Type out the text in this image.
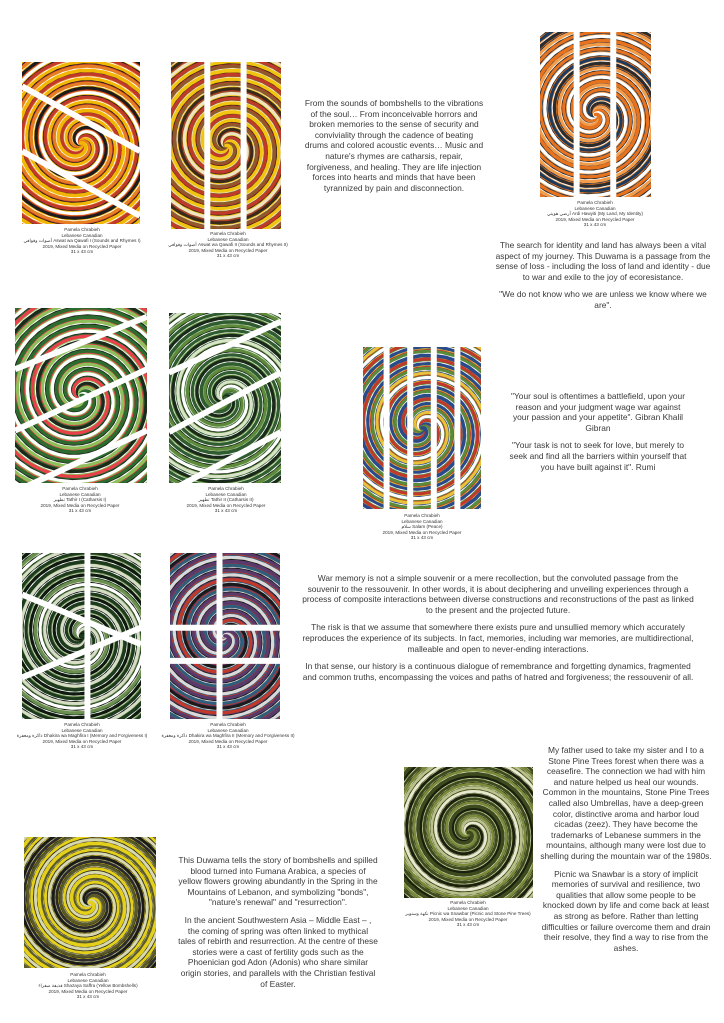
Pamela Chrabieh
Lebanese Canadian
أصوات وقوافي Aswat wa Qawafi I (Sounds and Rhymes I)
2019, Mixed Media on Recycled Paper
31 x 43 cm
Pamela Chrabieh
Lebanese Canadian
أصوات وقوافي Aswat wa Qawafi II (Sounds and Rhymes II)
2019, Mixed Media on Recycled Paper
31 x 43 cm
Pamela Chrabieh
Lebanese Canadian
أرضي هويتي Ardi Hawyiti (My Land, My Identity)
2019, Mixed Media on Recycled Paper
31 x 43 cm
Pamela Chrabieh
Lebanese Canadian
تطهير Tathir I (Catharsis I)
2019, Mixed Media on Recycled Paper
31 x 43 cm
Pamela Chrabieh
Lebanese Canadian
تطهير Tathir II (Catharsis II)
2019, Mixed Media on Recycled Paper
31 x 43 cm
Pamela Chrabieh
Lebanese Canadian
سلام Salam (Peace)
2019, Mixed Media on Recycled Paper
31 x 43 cm
Pamela Chrabieh
Lebanese Canadian
ذاكرة ومغفرة Dhakira wa Maghfira I (Memory and Forgiveness I)
2019, Mixed Media on Recycled Paper
31 x 43 cm
Pamela Chrabieh
Lebanese Canadian
ذاكرة ومغفرة Dhakira wa Maghfira II (Memory and Forgiveness II)
2019, Mixed Media on Recycled Paper
31 x 43 cm
Pamela Chrabieh
Lebanese Canadian
نكهة وسنوبر Picnic wa Snawbar (Picnic and Stone Pine Trees)
2019, Mixed Media on Recycled Paper
31 x 43 cm
Pamela Chrabieh
Lebanese Canadian
قذيفة صفراء Shazaya Saffra (Yellow Bombshells)
2019, Mixed Media on Recycled Paper
31 x 43 cm

From the sounds of bombshells to the vibrations of the soul… From inconceivable horrors and broken memories to the sense of security and conviviality through the cadence of beating drums and colored acoustic events… Music and nature's rhymes are catharsis, repair, forgiveness, and healing. They are life injection forces into hearts and minds that have been tyrannized by pain and disconnection.

The search for identity and land has always been a vital aspect of my journey. This Duwama is a passage from the sense of loss - including the loss of land and identity - due to war and exile to the joy of ecoresistance.

"We do not know who we are unless we know where we are".

"Your soul is oftentimes a battlefield, upon your reason and your judgment wage war against your passion and your appetite". Gibran Khalil Gibran

"Your task is not to seek for love, but merely to seek and find all the barriers within yourself that you have built against it". Rumi

War memory is not a simple souvenir or a mere recollection, but the convoluted passage from the souvenir to the ressouvenir. In other words, it is about deciphering and unveiling experiences through a process of composite interactions between diverse constructions and reconstructions of the past as linked to the present and the projected future.

The risk is that we assume that somewhere there exists pure and unsullied memory which accurately reproduces the experience of its subjects. In fact, memories, including war memories, are multidirectional, malleable and open to never-ending interactions.

In that sense, our history is a continuous dialogue of remembrance and forgetting dynamics, fragmented and common truths, encompassing the voices and paths of hatred and forgiveness; the ressouvenir of all.

My father used to take my sister and I to a Stone Pine Trees forest when there was a ceasefire. The connection we had with him and nature helped us heal our wounds. Common in the mountains, Stone Pine Trees called also Umbrellas, have a deep-green color, distinctive aroma and harbor loud cicadas (zeez). They have become the trademarks of Lebanese summers in the mountains, although many were lost due to shelling during the mountain war of the 1980s.

Picnic wa Snawbar is a story of implicit memories of survival and resilience, two qualities that allow some people to be knocked down by life and come back at least as strong as before. Rather than letting difficulties or failure overcome them and drain their resolve, they find a way to rise from the ashes.

This Duwama tells the story of bombshells and spilled blood turned into Fumana Arabica, a species of yellow flowers growing abundantly in the Spring in the Mountains of Lebanon, and symbolizing "bonds", "nature's renewal" and "resurrection".

In the ancient Southwestern Asia – Middle East – , the coming of spring was often linked to mythical tales of rebirth and resurrection. At the centre of these stories were a cast of fertility gods such as the Phoenician god Adon (Adonis) who share similar origin stories, and parallels with the Christian festival of Easter.
